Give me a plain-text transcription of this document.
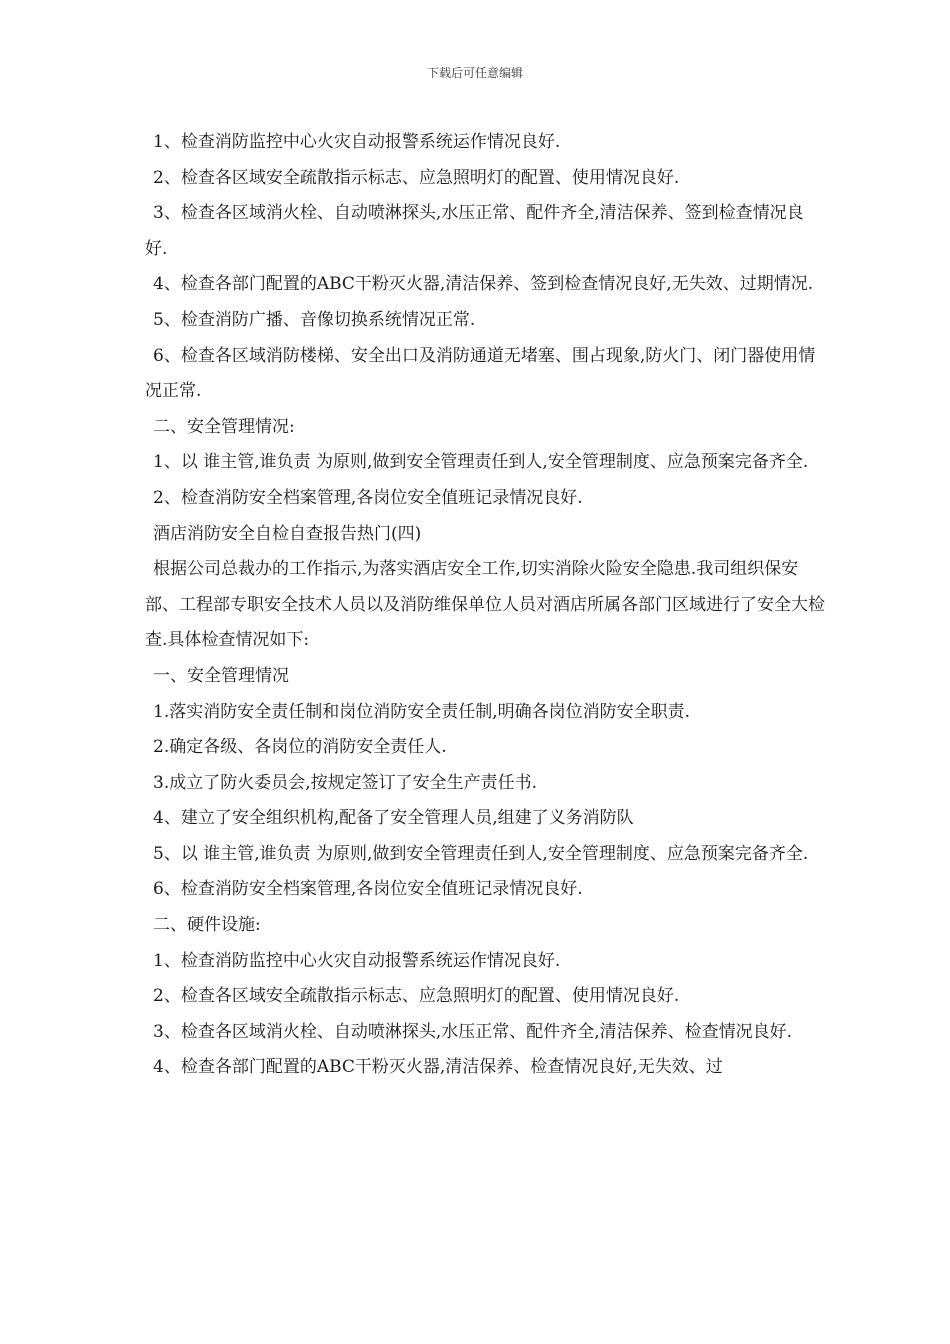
下载后可任意编辑

1、检查消防监控中心火灾自动报警系统运作情况良好.

2、检查各区域安全疏散指示标志、应急照明灯的配置、使用情况良好.

3、检查各区域消火栓、自动喷淋探头,水压正常、配件齐全,清洁保养、签到检查情况良好.

4、检查各部门配置的ABC干粉灭火器,清洁保养、签到检查情况良好,无失效、过期情况.

5、检查消防广播、音像切换系统情况正常.

6、检查各区域消防楼梯、安全出口及消防通道无堵塞、围占现象,防火门、闭门器使用情况正常.

二、安全管理情况:

1、以 谁主管,谁负责 为原则,做到安全管理责任到人,安全管理制度、应急预案完备齐全.

2、检查消防安全档案管理,各岗位安全值班记录情况良好.

酒店消防安全自检自查报告热门(四)

根据公司总裁办的工作指示,为落实酒店安全工作,切实消除火险安全隐患.我司组织保安部、工程部专职安全技术人员以及消防维保单位人员对酒店所属各部门区域进行了安全大检查.具体检查情况如下:

一、安全管理情况

1.落实消防安全责任制和岗位消防安全责任制,明确各岗位消防安全职责.

2.确定各级、各岗位的消防安全责任人.

3.成立了防火委员会,按规定签订了安全生产责任书.

4、建立了安全组织机构,配备了安全管理人员,组建了义务消防队

5、以 谁主管,谁负责 为原则,做到安全管理责任到人,安全管理制度、应急预案完备齐全.

6、检查消防安全档案管理,各岗位安全值班记录情况良好.

二、硬件设施:

1、检查消防监控中心火灾自动报警系统运作情况良好.

2、检查各区域安全疏散指示标志、应急照明灯的配置、使用情况良好.

3、检查各区域消火栓、自动喷淋探头,水压正常、配件齐全,清洁保养、检查情况良好.

4、检查各部门配置的ABC干粉灭火器,清洁保养、检查情况良好,无失效、过
